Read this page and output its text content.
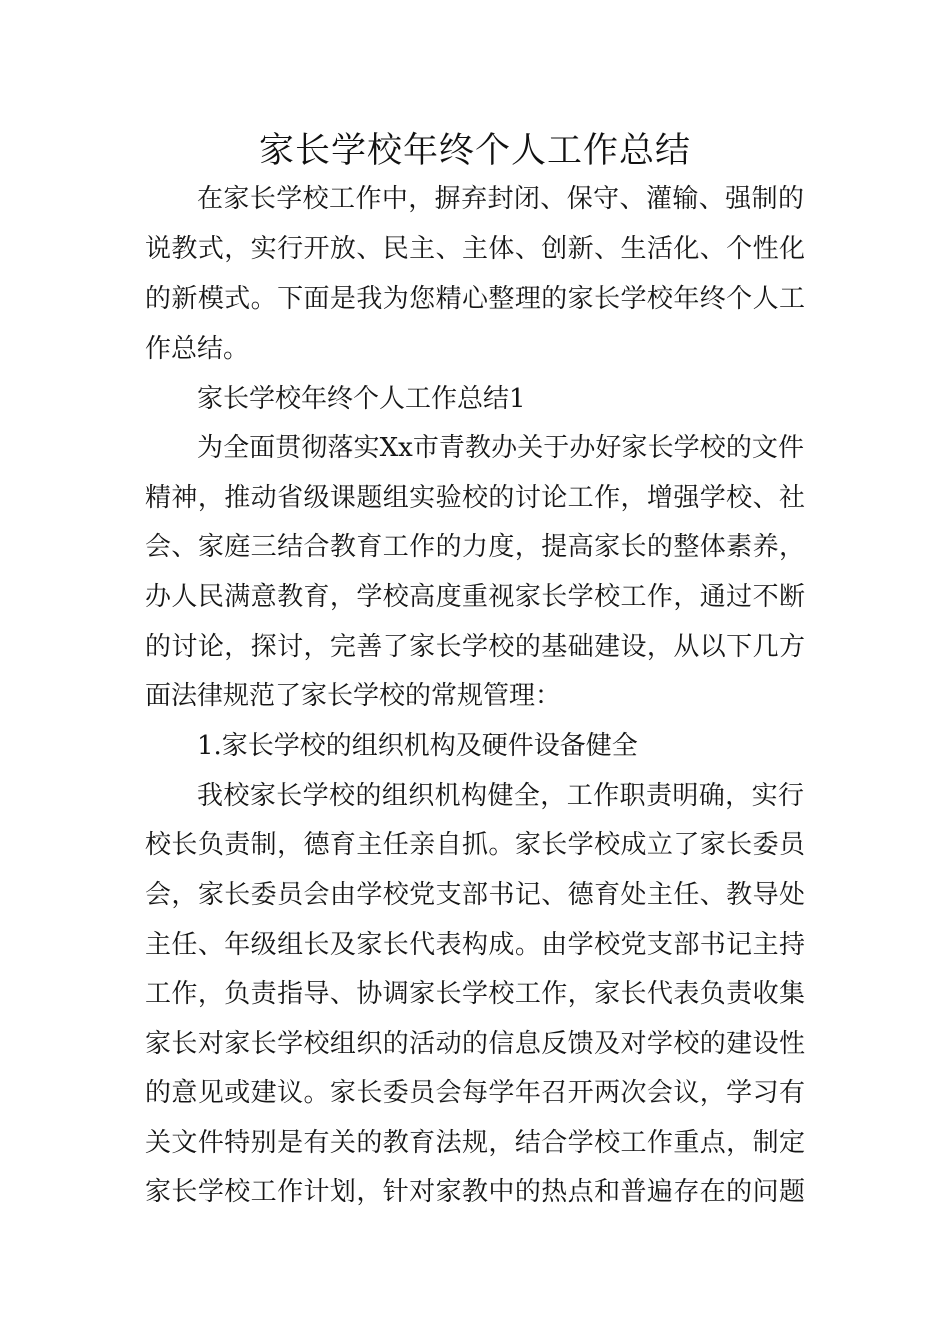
家长学校年终个人工作总结
在家长学校工作中，摒弃封闭、保守、灌输、强制的
说教式，实行开放、民主、主体、创新、生活化、个性化
的新模式。下面是我为您精心整理的家长学校年终个人工
作总结。
家长学校年终个人工作总结1
为全面贯彻落实Xx市青教办关于办好家长学校的文件
精神，推动省级课题组实验校的讨论工作，增强学校、社
会、家庭三结合教育工作的力度，提高家长的整体素养，
办人民满意教育，学校高度重视家长学校工作，通过不断
的讨论，探讨，完善了家长学校的基础建设，从以下几方
面法律规范了家长学校的常规管理：
1.家长学校的组织机构及硬件设备健全
我校家长学校的组织机构健全，工作职责明确，实行
校长负责制，德育主任亲自抓。家长学校成立了家长委员
会，家长委员会由学校党支部书记、德育处主任、教导处
主任、年级组长及家长代表构成。由学校党支部书记主持
工作，负责指导、协调家长学校工作，家长代表负责收集
家长对家长学校组织的活动的信息反馈及对学校的建设性
的意见或建议。家长委员会每学年召开两次会议，学习有
关文件特别是有关的教育法规，结合学校工作重点，制定
家长学校工作计划，针对家教中的热点和普遍存在的问题
